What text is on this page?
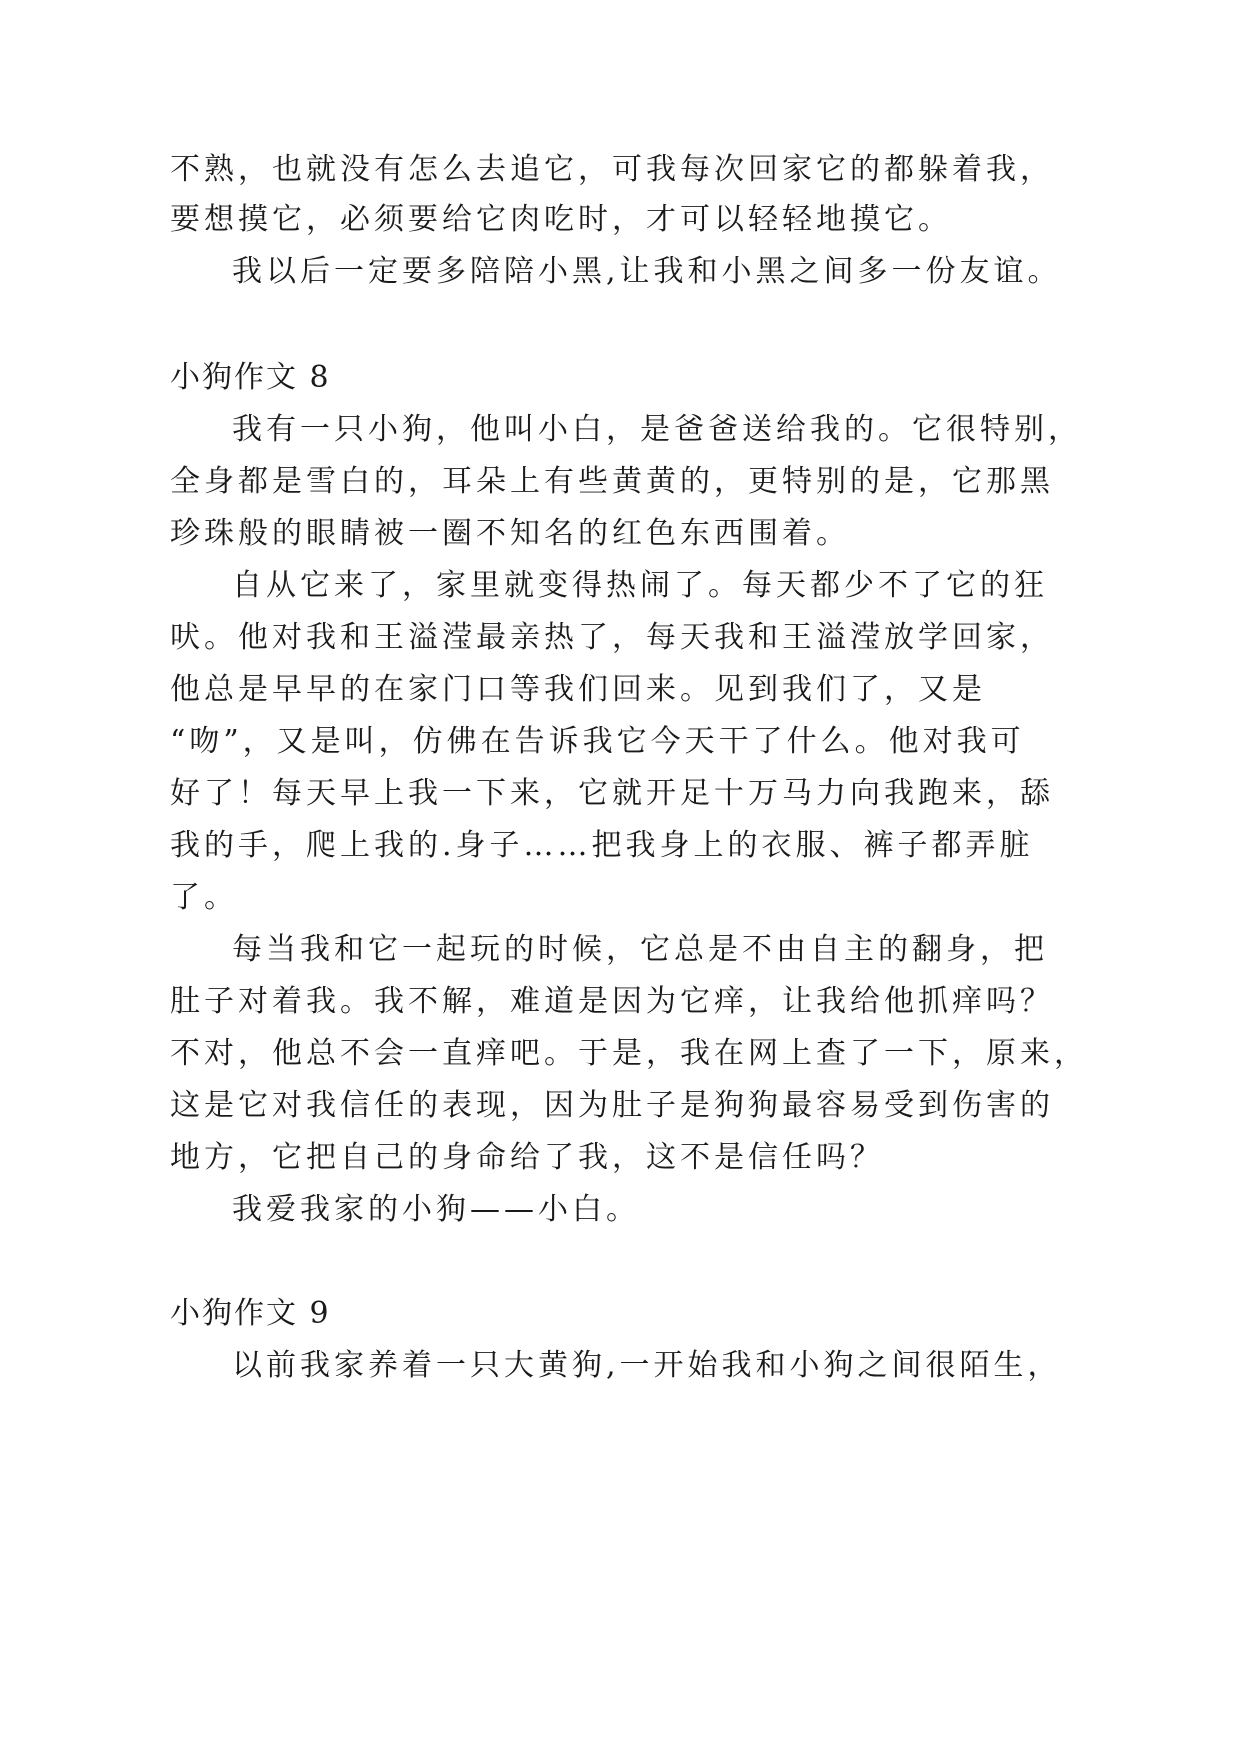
不熟，也就没有怎么去追它，可我每次回家它的都躲着我，
要想摸它，必须要给它肉吃时，才可以轻轻地摸它。
我以后一定要多陪陪小黑,让我和小黑之间多一份友谊。
小狗作文 8
我有一只小狗，他叫小白，是爸爸送给我的。它很特别，
全身都是雪白的，耳朵上有些黄黄的，更特别的是，它那黑
珍珠般的眼睛被一圈不知名的红色东西围着。
自从它来了，家里就变得热闹了。每天都少不了它的狂
吠。他对我和王溢滢最亲热了，每天我和王溢滢放学回家，
他总是早早的在家门口等我们回来。见到我们了，又是
“吻”，又是叫，仿佛在告诉我它今天干了什么。他对我可
好了！每天早上我一下来，它就开足十万马力向我跑来，舔
我的手，爬上我的.身子……把我身上的衣服、裤子都弄脏
了。
每当我和它一起玩的时候，它总是不由自主的翻身，把
肚子对着我。我不解，难道是因为它痒，让我给他抓痒吗？
不对，他总不会一直痒吧。于是，我在网上查了一下，原来，
这是它对我信任的表现，因为肚子是狗狗最容易受到伤害的
地方，它把自己的身命给了我，这不是信任吗？
我爱我家的小狗——小白。
小狗作文 9
以前我家养着一只大黄狗,一开始我和小狗之间很陌生，
